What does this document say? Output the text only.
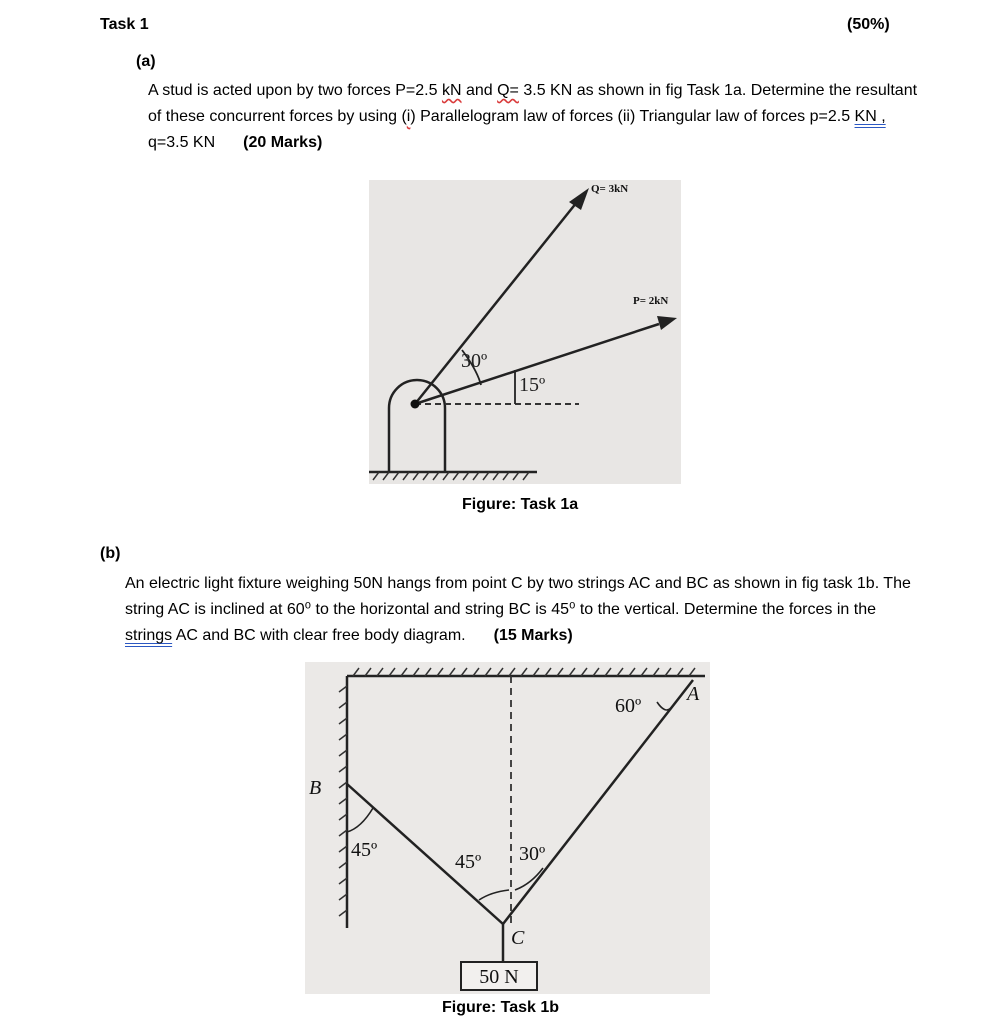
Task 1	(50%)
(a)
A stud is acted upon by two forces P=2.5 kN and Q= 3.5 KN as shown in fig Task 1a. Determine the resultant of these concurrent forces by using (i) Parallelogram law of forces (ii) Triangular law of forces p=2.5 KN , q=3.5 KN (20 Marks)
30º
15º
Q= 3kN
P= 2kN
Figure: Task 1a
(b)
An electric light fixture weighing 50N hangs from point C by two strings AC and BC as shown in fig task 1b. The string AC is inclined at 60⁰ to the horizontal and string BC is 45⁰ to the vertical. Determine the forces in the strings AC and BC with clear free body diagram. (15 Marks)
50 N
A
B
C
60º
45º
45º 30º
Figure: Task 1b
